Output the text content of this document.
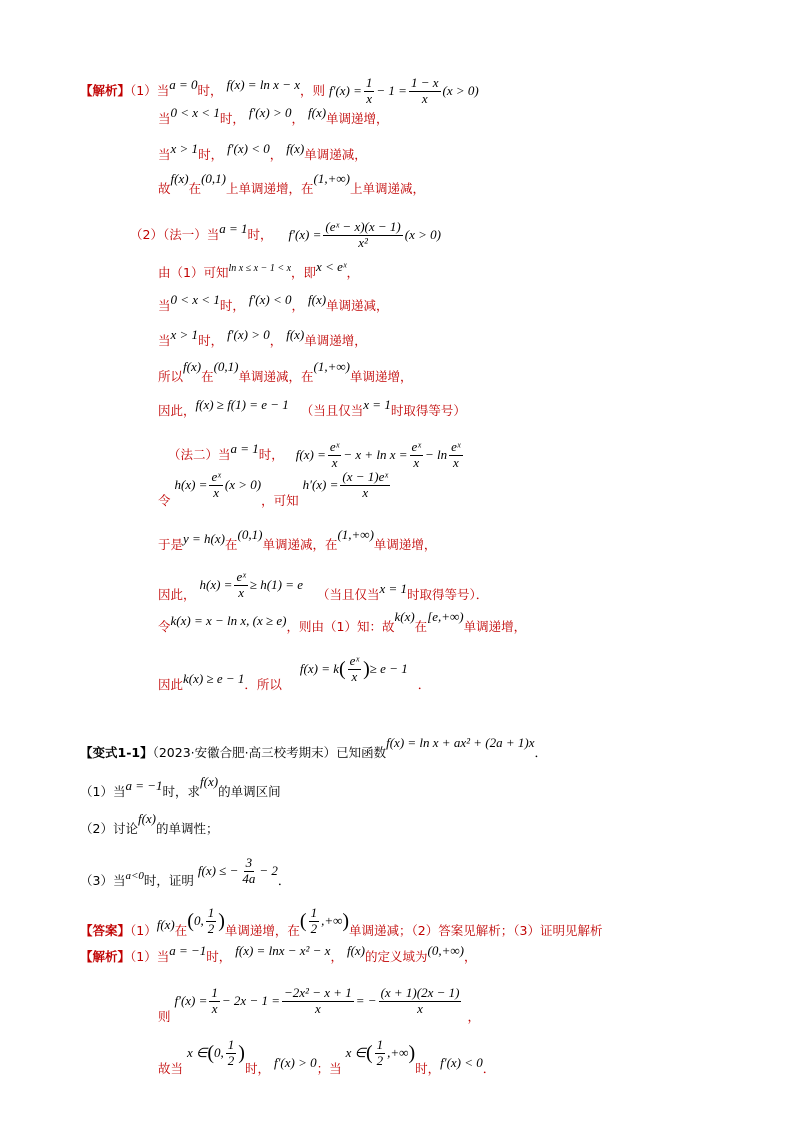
【解析】（1）当a = 0时， f(x) = ln x − x，则 $f'(x) = \frac{1}{x} - 1 = \frac{1 - x}{x} (x > 0)$
当0 < x < 1时， f′(x) > 0， f(x)单调递增，
当x > 1时， f′(x) < 0， f(x)单调递减，
故f(x)在(0,1)上单调递增，在(1,+∞)上单调递减，
（2）（法一）当a = 1时， $f'(x) = \frac{\text{(eˣ − x)(x − 1)}}{\text{x²}} (x > 0)$
由（1）可知$^{ln x \le x - 1 < x}$，即x < eˣ，
当0 < x < 1时， f′(x) < 0， f(x)单调递减，
当x > 1时， f′(x) > 0， f(x)单调递增，
所以f(x)在(0,1)单调递减，在(1,+∞)单调递增，
因此，f(x) ≥ f(1) = e − 1 （当且仅当x = 1时取得等号）
（法二）当a = 1时， $f(x) = \frac{\text{eˣ}}{x} - x + \ln x = \frac{\text{eˣ}}{x} - \ln \frac{\text{eˣ}}{x}$
令 $h(x) = \frac{\text{eˣ}}{x} (x > 0)$，可知 $h'(x) = \frac{\text{(x − 1)eˣ}}{x}$
于是y = h(x)在(0,1)单调递减，在(1,+∞)单调递增，
因此， $h(x) = \frac{\text{eˣ}}{x} \ge h(1) = e$ （当且仅当x = 1时取得等号）．
令k(x) = x − ln x, (x ≥ e)，则由（1）知：故k(x)在[e,+∞)单调递增，
因此k(x) ≥ e − 1．所以 $f(x) = k( \frac{\text{eˣ}}{x}$ )≥ e − 1 ．
【变式1-1】（2023·安徽合肥·高三校考期末）已知函数f(x) = ln x + ax² + (2a + 1)x．
（1）当a = −1时，求f(x)的单调区间
（2）讨论f(x)的单调性；
（3）当a<0时，证明 f(x) ≤ − $\frac{3}{4a} - 2$．
【答案】（1）f(x)在(0, $\frac{1}{2}$ )单调递增，在( $\frac{1}{2}$ ,+∞)单调递减；（2）答案见解析；（3）证明见解析
【解析】（1）当a = −1时， f(x) = lnx − x² − x， f(x)的定义域为(0,+∞)，
则 $f'(x) = \frac{1}{x} - 2x - 1 = \frac{\text{−2x² − x + 1}}{x}$ = − $\frac{(x + 1)(2x - 1)}{x}$ ，
故当 x ∈(0, $\frac{1}{2}$ )时， f′(x) > 0；当 x ∈( $\frac{1}{2}$ ,+∞)时，f′(x) < 0．
